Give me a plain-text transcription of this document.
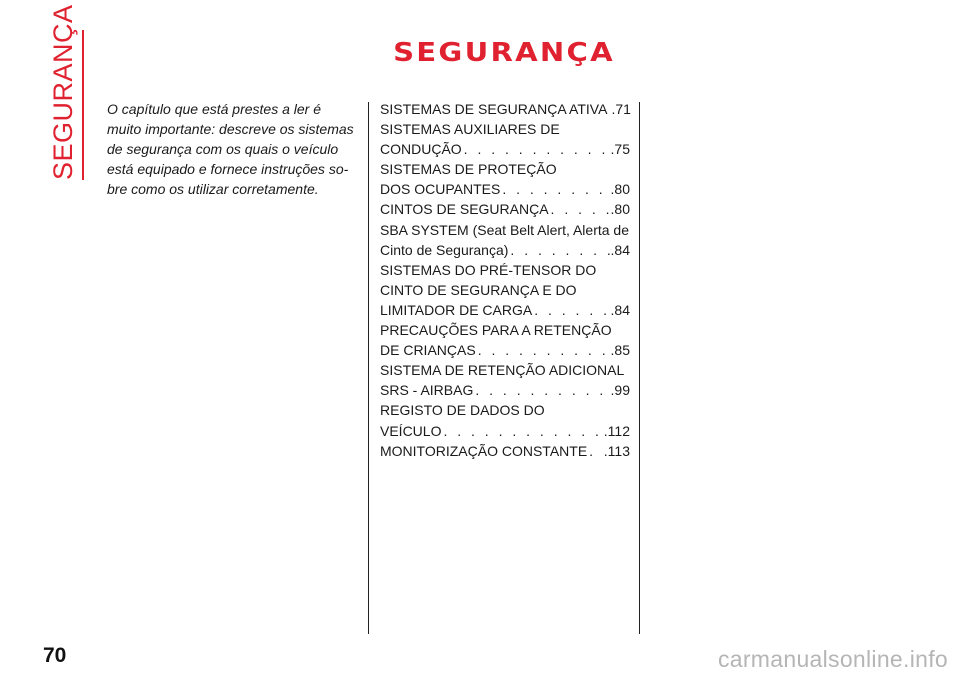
SEGURANÇA	SEGURANÇA
O capítulo que está prestes a ler é
muito importante: descreve os sistemas
de segurança com os quais o veículo
está equipado e fornece instruções so-
bre como os utilizar corretamente.
SISTEMAS DE SEGURANÇA ATIVA .71
SISTEMAS AUXILIARES DE
CONDUÇÃO . . .	.75
SISTEMAS DE PROTEÇÃO
DOS OCUPANTES . . .	.80
CINTOS DE SEGURANÇA . . .	.80
SBA SYSTEM (Seat Belt Alert, Alerta de
Cinto de Segurança) . . .	.84
SISTEMAS DO PRÉ-TENSOR DO
CINTO DE SEGURANÇA E DO
LIMITADOR DE CARGA . . .	.84
PRECAUÇÕES PARA A RETENÇÃO
DE CRIANÇAS . . .	.85
SISTEMA DE RETENÇÃO ADICIONAL
SRS - AIRBAG . . .	.99
REGISTO DE DADOS DO
VEÍCULO . . .	.112
MONITORIZAÇÃO CONSTANTE . . . .113
70	carmanualsonline.info
